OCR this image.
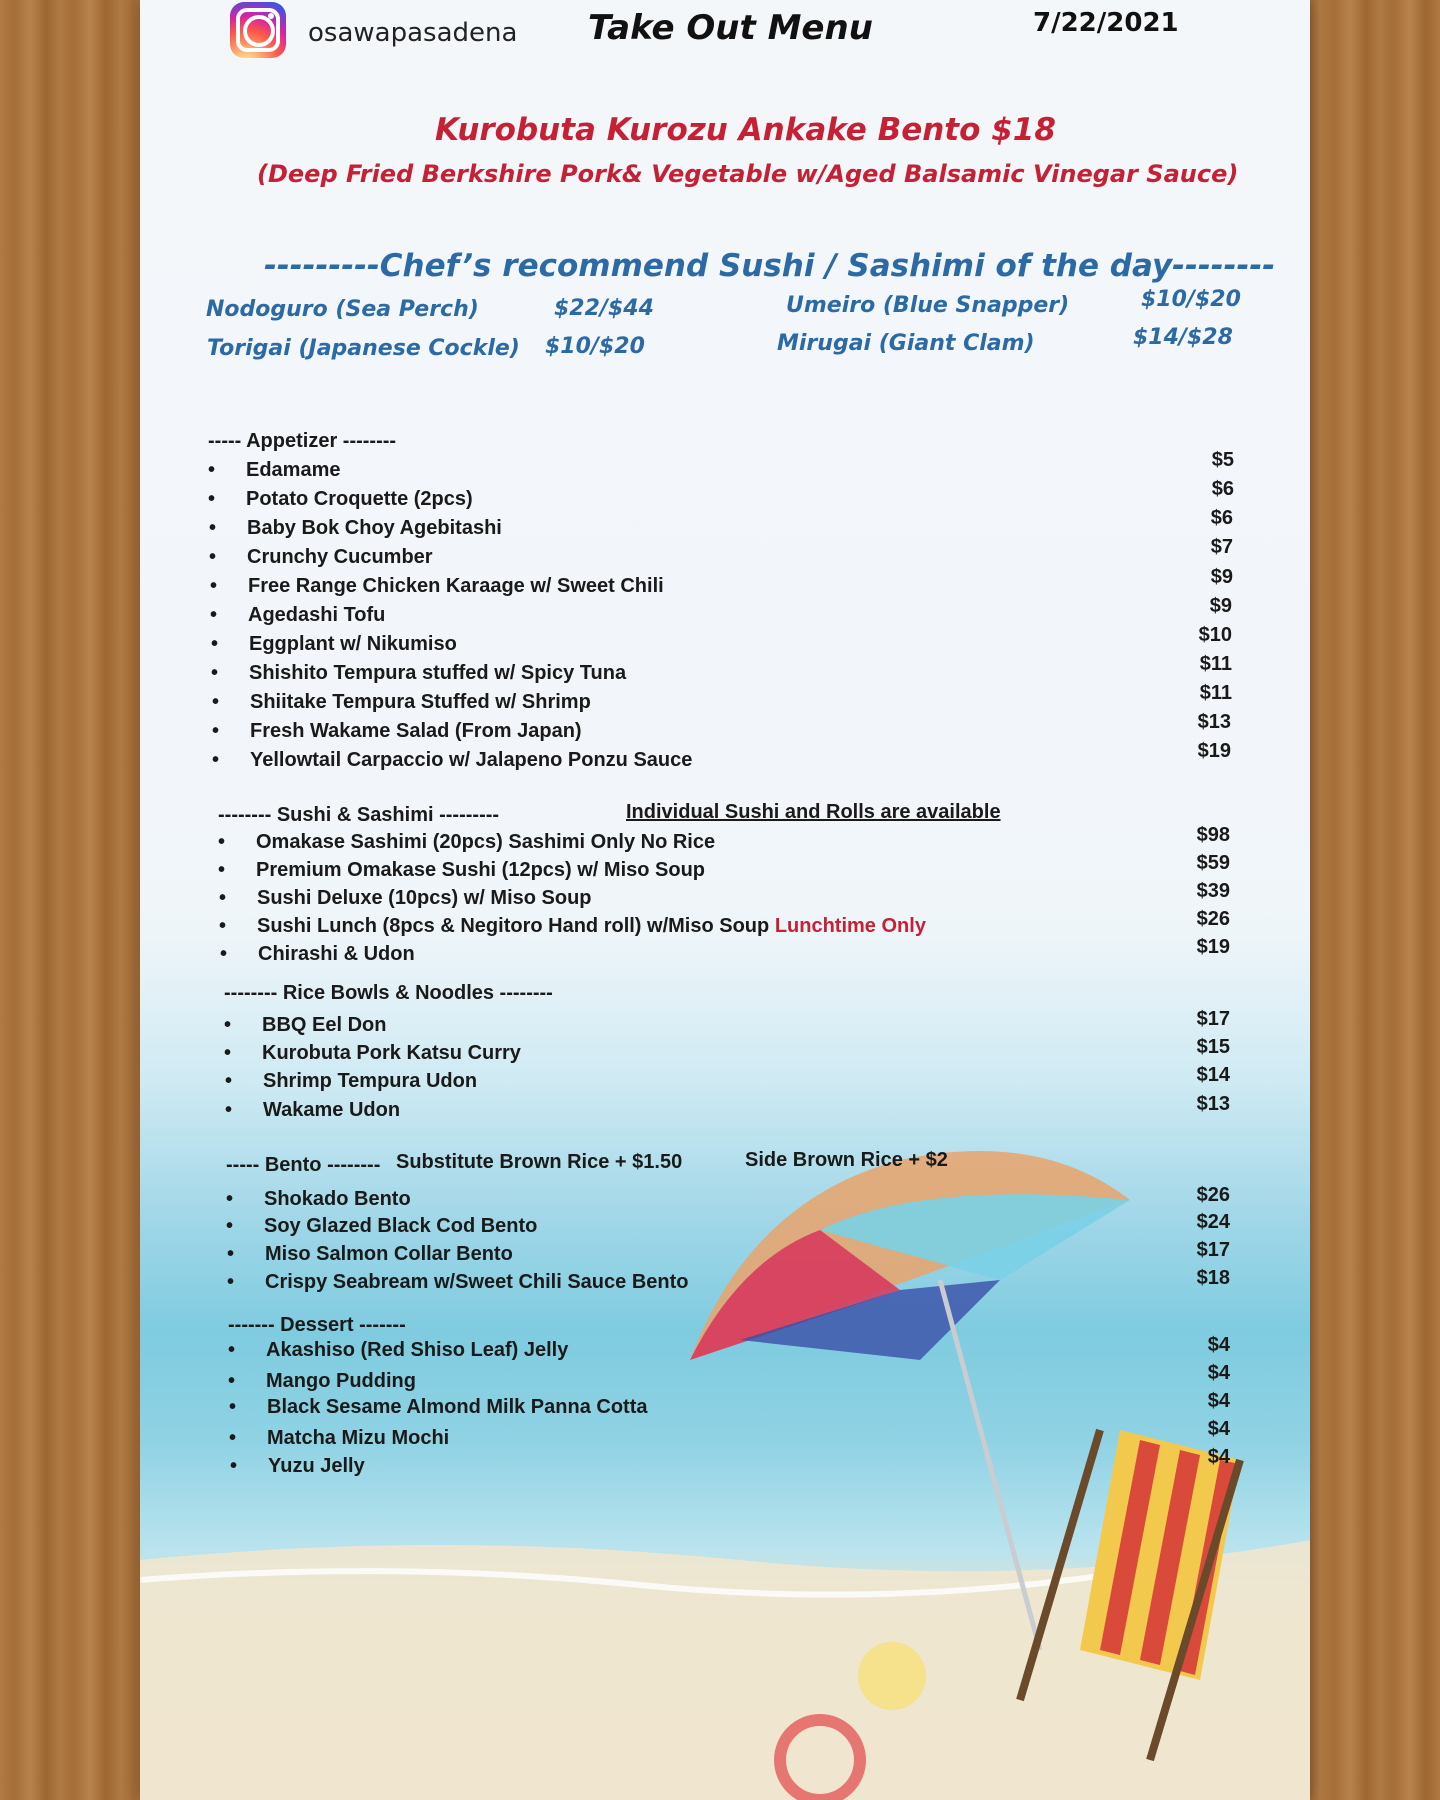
osawapasadena Take Out Menu	7/22/2021
Kurobuta Kurozu Ankake Bento $18
(Deep Fried Berkshire Pork& Vegetable w/Aged Balsamic Vinegar Sauce)
---------Chef’s recommend Sushi / Sashimi of the day--------
Nodoguro (Sea Perch)	$22/$44	Umeiro (Blue Snapper)	$10/$20
Torigai (Japanese Cockle) $10/$20	Mirugai (Giant Clam)	$14/$28
----- Appetizer --------
• Edamame	$5
• Potato Croquette (2pcs)	$6
• Baby Bok Choy Agebitashi	$6
• Crunchy Cucumber	$7
• Free Range Chicken Karaage w/ Sweet Chili	$9
• Agedashi Tofu	$9
• Eggplant w/ Nikumiso	$10
• Shishito Tempura stuffed w/ Spicy Tuna	$11
• Shiitake Tempura Stuffed w/ Shrimp	$11
• Fresh Wakame Salad (From Japan)	$13
• Yellowtail Carpaccio w/ Jalapeno Ponzu Sauce	$19
-------- Sushi & Sashimi ---------	Individual Sushi and Rolls are available
• Omakase Sashimi (20pcs) Sashimi Only No Rice	$98
• Premium Omakase Sushi (12pcs) w/ Miso Soup	$59
• Sushi Deluxe (10pcs) w/ Miso Soup	$39
• Sushi Lunch (8pcs & Negitoro Hand roll) w/Miso Soup Lunchtime Only	$26
• Chirashi & Udon	$19
-------- Rice Bowls & Noodles --------
• BBQ Eel Don	$17
• Kurobuta Pork Katsu Curry	$15
• Shrimp Tempura Udon	$14
• Wakame Udon	$13
----- Bento -------- Substitute Brown Rice + $1.50	Side Brown Rice + $2
• Shokado Bento	$26
• Soy Glazed Black Cod Bento	$24
• Miso Salmon Collar Bento	$17
• Crispy Seabream w/Sweet Chili Sauce Bento	$18
------- Dessert -------
• Akashiso (Red Shiso Leaf) Jelly	$4
• Mango Pudding	$4
• Black Sesame Almond Milk Panna Cotta	$4
• Matcha Mizu Mochi	$4
• Yuzu Jelly	$4
